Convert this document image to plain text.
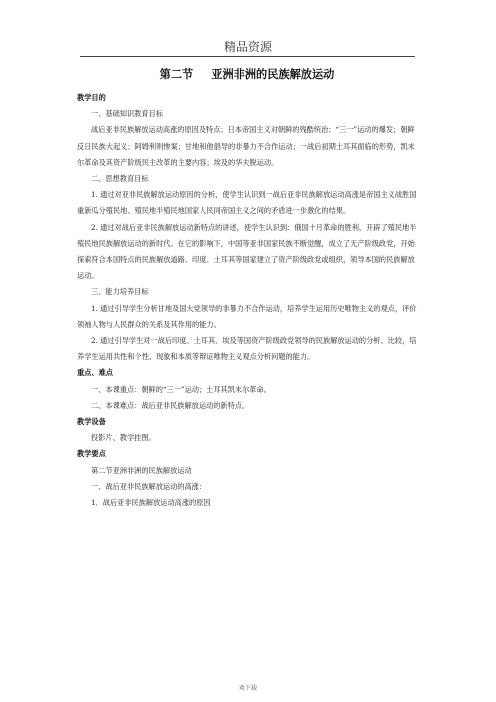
精品资源
第二节 亚洲非洲的民族解放运动

教学目的

一、基础知识教育目标

战后亚非民族解放运动高涨的原因及特点；日本帝国主义对朝鲜的残酷统治；“三一”运动的爆发；朝鲜反日民族大起义；阿姆利则惨案；甘地和他倡导的非暴力不合作运动；一战后初期土耳其面临的形势，凯末尔革命及其资产阶级民主改革的主要内容；埃及的华夫脱运动。

二、思想教育目标

1. 通过对亚非民族解放运动原因的分析，使学生认识到一战后亚非民族解放运动高涨是帝国主义战胜国重新瓜分殖民地、殖民地半殖民地国家人民同帝国主义之间的矛盾进一步激化的结果。

2. 通过对战后亚非民族解放运动新特点的讲述，使学生认识到：俄国十月革命的胜利，开辟了殖民地半殖民地民族解放运动的新时代。在它的影响下，中国等亚非国家民族不断觉醒，成立了无产阶级政党，开始探索符合本国特点的民族解放道路。印度、土耳其等国家建立了资产阶级政党或组织，领导本国的民族解放运动。

三、能力培养目标

1. 通过引导学生分析甘地及国大党领导的非暴力不合作运动，培养学生运用历史唯物主义的观点，评价领袖人物与人民群众的关系及其作用的能力。

2. 通过引导学生对一战后印度、土耳其、埃及等国资产阶级政党领导的民族解放运动的分析、比较，培养学生运用共性和个性、现象和本质等辩证唯物主义观点分析问题的能力。

重点、难点

一、本课重点：朝鲜的“三一”运动；土耳其凯末尔革命。

二、本课难点：战后亚非民族解放运动的新特点。

教学设备

投影片、教学挂图。

教学要点

第二节亚洲非洲的民族解放运动

一、战后亚非民族解放运动的高涨：

1．战后亚非民族解放运动高涨的原因

欢下载
